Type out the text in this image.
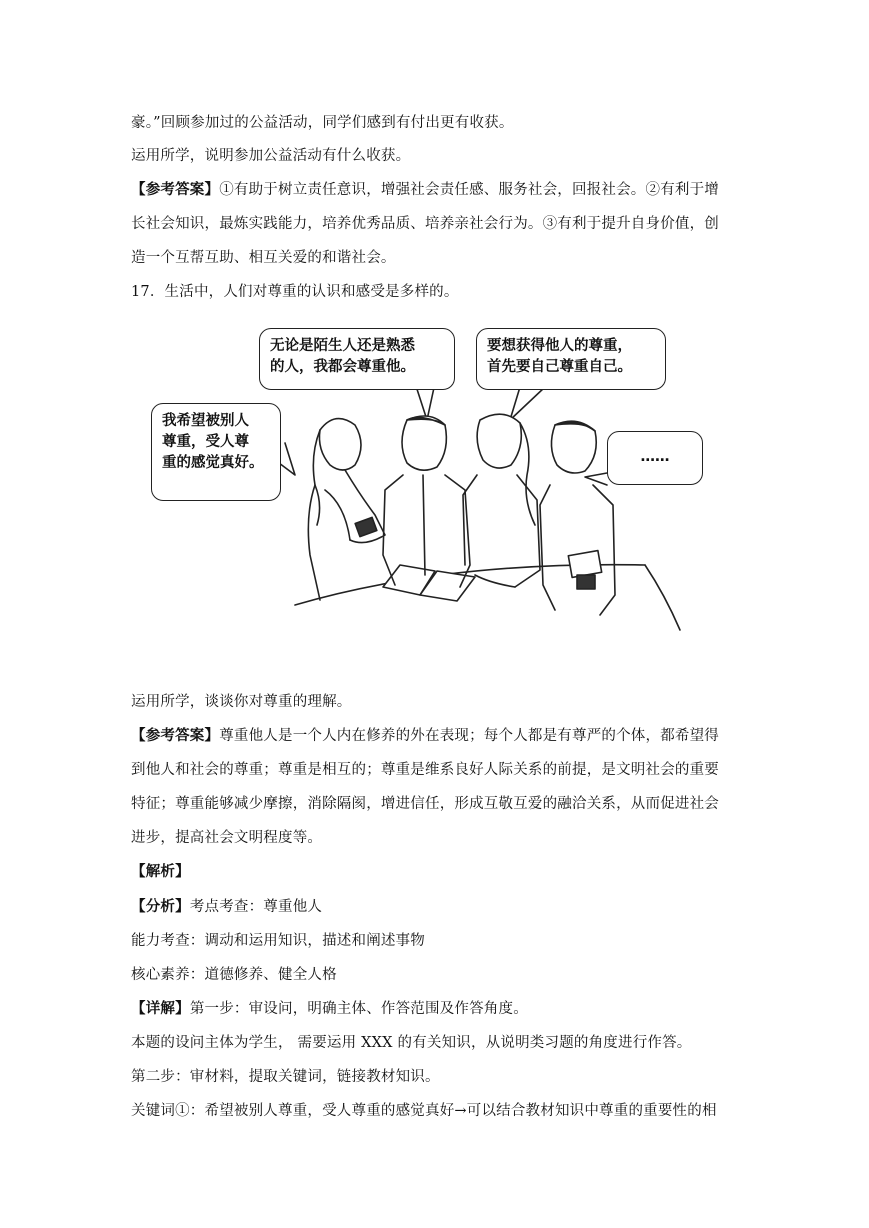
豪。”回顾参加过的公益活动，同学们感到有付出更有收获。
运用所学，说明参加公益活动有什么收获。
【参考答案】①有助于树立责任意识，增强社会责任感、服务社会，回报社会。②有利于增
长社会知识，最炼实践能力，培养优秀品质、培养亲社会行为。③有利于提升自身价值，创
造一个互帮互助、相互关爱的和谐社会。
17．生活中，人们对尊重的认识和感受是多样的。
我希望被别人
尊重，受人尊
重的感觉真好。
无论是陌生人还是熟悉
的人，我都会尊重他。
要想获得他人的尊重，
首先要自己尊重自己。
……
运用所学，谈谈你对尊重的理解。
【参考答案】尊重他人是一个人内在修养的外在表现；每个人都是有尊严的个体，都希望得
到他人和社会的尊重；尊重是相互的；尊重是维系良好人际关系的前提，是文明社会的重要
特征；尊重能够减少摩擦，消除隔阂，增进信任，形成互敬互爱的融洽关系，从而促进社会
进步，提高社会文明程度等。
【解析】
【分析】考点考查：尊重他人
能力考查：调动和运用知识，描述和阐述事物
核心素养：道德修养、健全人格
【详解】第一步：审设问，明确主体、作答范围及作答角度。
本题的设问主体为学生， 需要运用 XXX 的有关知识，从说明类习题的角度进行作答。
第二步：审材料，提取关键词，链接教材知识。
关键词①：希望被别人尊重，受人尊重的感觉真好→可以结合教材知识中尊重的重要性的相
